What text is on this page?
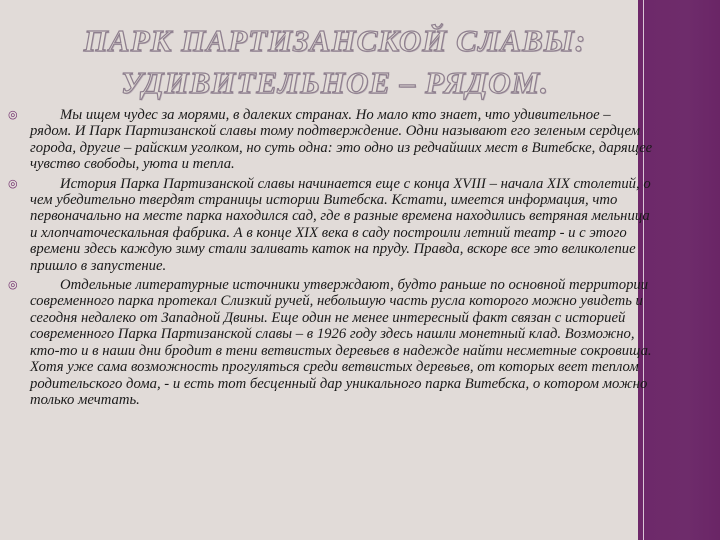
ПАРК ПАРТИЗАНСКОЙ СЛАВЫ:
УДИВИТЕЛЬНОЕ – РЯДОМ.

◎	Мы ищем чудес за морями, в далеких странах. Но мало кто знает, что удивительное – рядом. И Парк Партизанской славы тому подтверждение. Одни называют его зеленым сердцем города, другие – райским уголком, но суть одна: это одно из редчайших мест в Витебске, дарящее чувство свободы, уюта и тепла.

◎	История Парка Партизанской славы начинается еще с конца XVIII – начала XIX столетий, о чем убедительно твердят страницы истории Витебска. Кстати, имеется информация, что первоначально на месте парка находился сад, где в разные времена находились ветряная мельница и хлопчаточескальная фабрика. А в конце XIX века в саду построили летний театр - и с этого времени здесь каждую зиму стали заливать каток на пруду. Правда, вскоре все это великолепие пришло в запустение.

◎	Отдельные литературные источники утверждают, будто раньше по основной территории современного парка протекал Слизкий ручей, небольшую часть русла которого можно увидеть и сегодня недалеко от Западной Двины. Еще один не менее интересный факт связан с историей современного Парка Партизанской славы – в 1926 году здесь нашли монетный клад. Возможно, кто-то и в наши дни бродит в тени ветвистых деревьев в надежде найти несметные сокровища. Хотя уже сама возможность прогуляться среди ветвистых деревьев, от которых веет теплом родительского дома, - и есть тот бесценный дар уникального парка Витебска, о котором можно только мечтать.
